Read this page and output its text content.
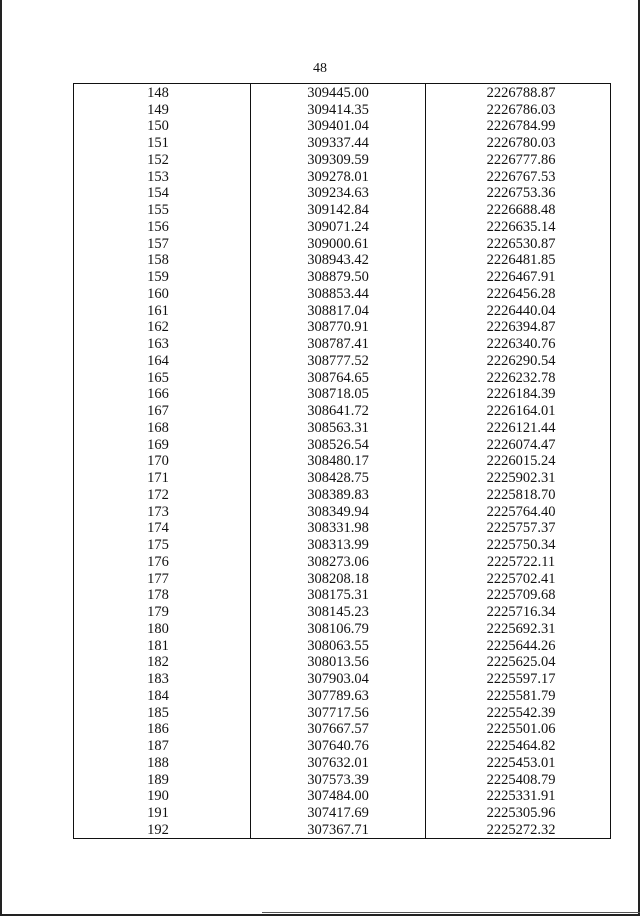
48
148	309445.00	2226788.87
149	309414.35	2226786.03
150	309401.04	2226784.99
151	309337.44	2226780.03
152	309309.59	2226777.86
153	309278.01	2226767.53
154	309234.63	2226753.36
155	309142.84	2226688.48
156	309071.24	2226635.14
157	309000.61	2226530.87
158	308943.42	2226481.85
159	308879.50	2226467.91
160	308853.44	2226456.28
161	308817.04	2226440.04
162	308770.91	2226394.87
163	308787.41	2226340.76
164	308777.52	2226290.54
165	308764.65	2226232.78
166	308718.05	2226184.39
167	308641.72	2226164.01
168	308563.31	2226121.44
169	308526.54	2226074.47
170	308480.17	2226015.24
171	308428.75	2225902.31
172	308389.83	2225818.70
173	308349.94	2225764.40
174	308331.98	2225757.37
175	308313.99	2225750.34
176	308273.06	2225722.11
177	308208.18	2225702.41
178	308175.31	2225709.68
179	308145.23	2225716.34
180	308106.79	2225692.31
181	308063.55	2225644.26
182	308013.56	2225625.04
183	307903.04	2225597.17
184	307789.63	2225581.79
185	307717.56	2225542.39
186	307667.57	2225501.06
187	307640.76	2225464.82
188	307632.01	2225453.01
189	307573.39	2225408.79
190	307484.00	2225331.91
191	307417.69	2225305.96
192	307367.71	2225272.32
